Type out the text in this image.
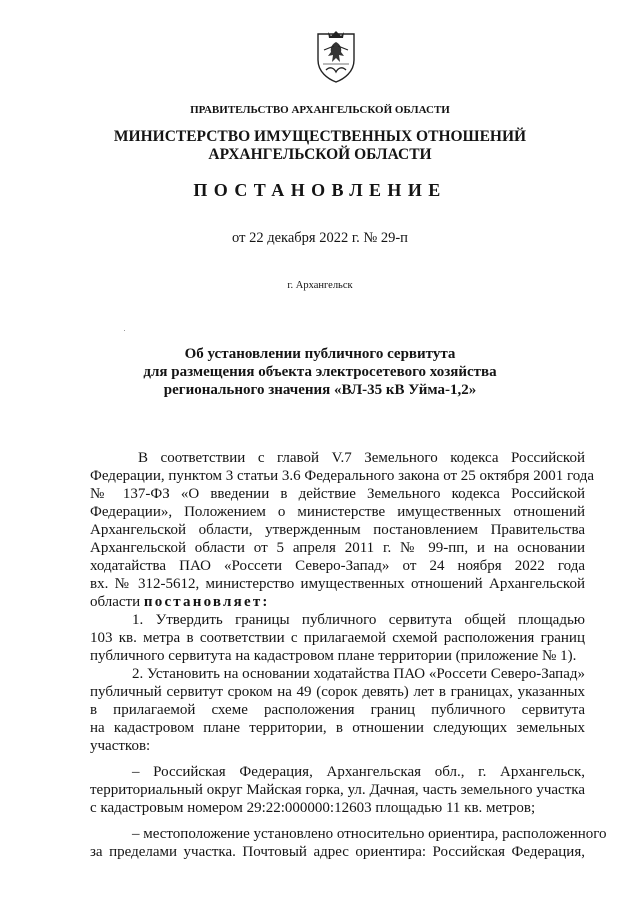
ПРАВИТЕЛЬСТВО АРХАНГЕЛЬСКОЙ ОБЛАСТИ
МИНИСТЕРСТВО ИМУЩЕСТВЕННЫХ ОТНОШЕНИЙ
АРХАНГЕЛЬСКОЙ ОБЛАСТИ
ПОСТАНОВЛЕНИЕ
от 22 декабря 2022 г. № 29-п
г. Архангельск
Об установлении публичного сервитута
для размещения объекта электросетевого хозяйства
регионального значения «ВЛ-35 кВ Уйма-1,2»
В соответствии с главой V.7 Земельного кодекса Российской
Федерации, пунктом 3 статьи 3.6 Федерального закона от 25 октября 2001 года
№ 137-ФЗ «О введении в действие Земельного кодекса Российской
Федерации», Положением о министерстве имущественных отношений
Архангельской области, утвержденным постановлением Правительства
Архангельской области от 5 апреля 2011 г. № 99-пп, и на основании
ходатайства ПАО «Россети Северо-Запад» от 24 ноября 2022 года
вх. № 312-5612, министерство имущественных отношений Архангельской
области постановляет:
1. Утвердить границы публичного сервитута общей площадью
103 кв. метра в соответствии с прилагаемой схемой расположения границ
публичного сервитута на кадастровом плане территории (приложение № 1).
2. Установить на основании ходатайства ПАО «Россети Северо-Запад»
публичный сервитут сроком на 49 (сорок девять) лет в границах, указанных
в прилагаемой схеме расположения границ публичного сервитута
на кадастровом плане территории, в отношении следующих земельных
участков:
– Российская Федерация, Архангельская обл., г. Архангельск,
территориальный округ Майская горка, ул. Дачная, часть земельного участка
с кадастровым номером 29:22:000000:12603 площадью 11 кв. метров;
– местоположение установлено относительно ориентира, расположенного
за пределами участка. Почтовый адрес ориентира: Российская Федерация,
